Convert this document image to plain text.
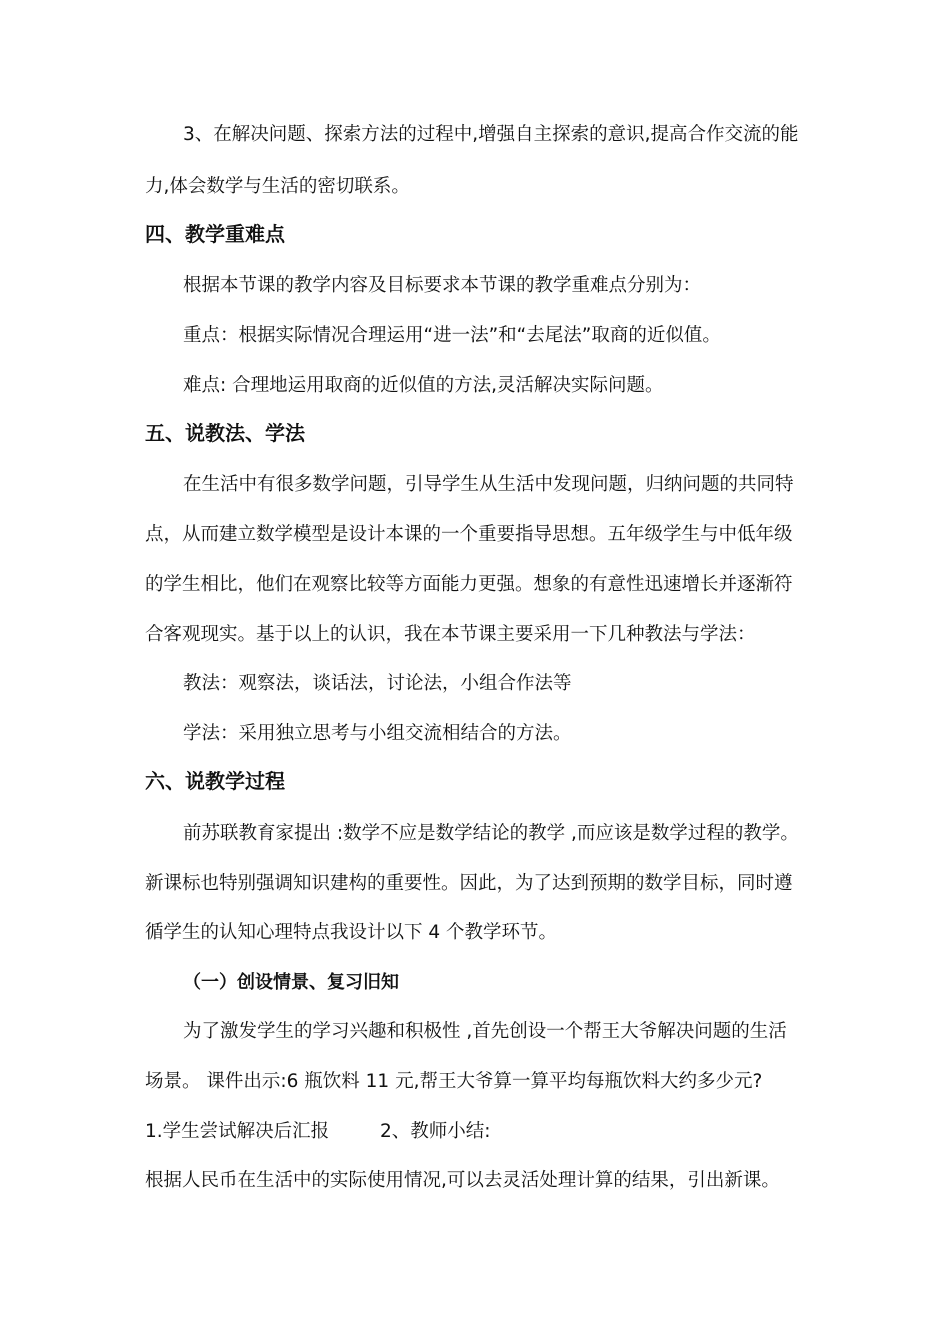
3、在解决问题、探索方法的过程中,增强自主探索的意识,提高合作交流的能

力,体会数学与生活的密切联系。

四、教学重难点

根据本节课的教学内容及目标要求本节课的教学重难点分别为：

重点：根据实际情况合理运用“进一法”和“去尾法”取商的近似值。

难点: 合理地运用取商的近似值的方法,灵活解决实际问题。

五、说教法、学法

在生活中有很多数学问题，引导学生从生活中发现问题，归纳问题的共同特

点，从而建立数学模型是设计本课的一个重要指导思想。五年级学生与中低年级

的学生相比，他们在观察比较等方面能力更强。想象的有意性迅速增长并逐渐符

合客观现实。基于以上的认识，我在本节课主要采用一下几种教法与学法：

教法：观察法，谈话法，讨论法，小组合作法等

学法：采用独立思考与小组交流相结合的方法。

六、说教学过程

前苏联教育家提出 :数学不应是数学结论的教学 ,而应该是数学过程的教学。

新课标也特别强调知识建构的重要性。因此，为了达到预期的数学目标，同时遵

循学生的认知心理特点我设计以下 4 个教学环节。

（一）创设情景、复习旧知

为了激发学生的学习兴趣和积极性 ,首先创设一个帮王大爷解决问题的生活

场景。 课件出示:6 瓶饮料 11 元,帮王大爷算一算平均每瓶饮料大约多少元?

1.学生尝试解决后汇报	2、教师小结:

根据人民币在生活中的实际使用情况,可以去灵活处理计算的结果，引出新课。
